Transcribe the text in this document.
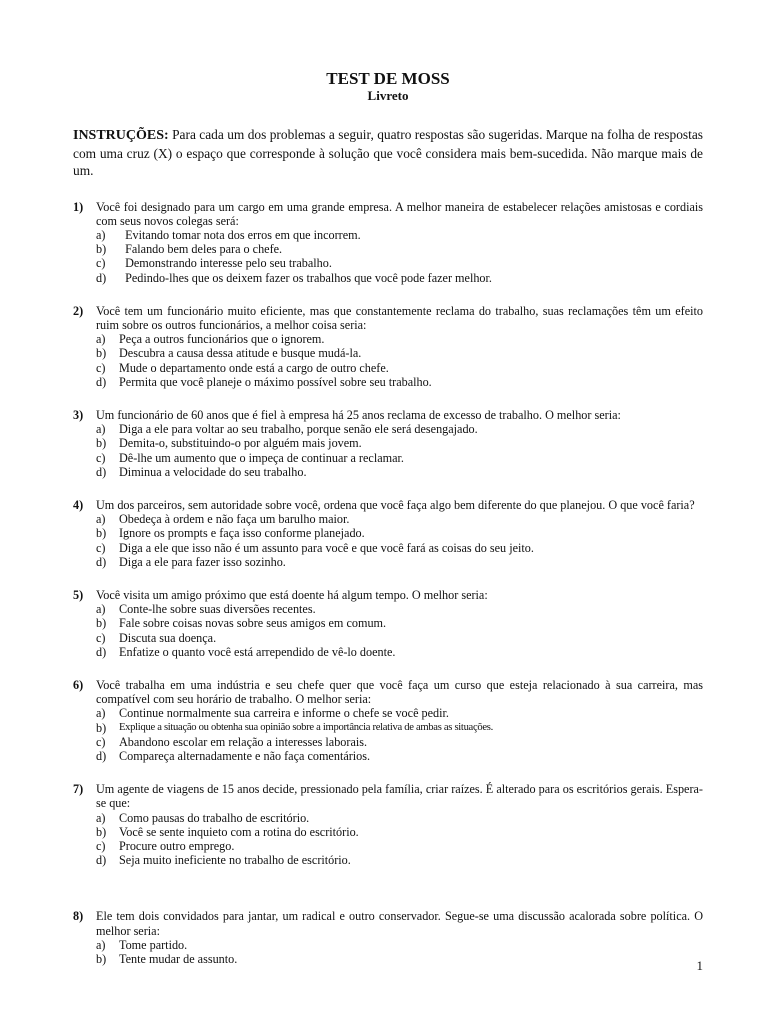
TEST DE MOSS
Livreto

INSTRUÇÕES: Para cada um dos problemas a seguir, quatro respostas são sugeridas. Marque na folha de respostas com uma cruz (X) o espaço que corresponde à solução que você considera mais bem-sucedida. Não marque mais de um.

1) Você foi designado para um cargo em uma grande empresa. A melhor maneira de estabelecer relações amistosas e cordiais com seus novos colegas será:
a)	Evitando tomar nota dos erros em que incorrem.
b)	Falando bem deles para o chefe.
c)	Demonstrando interesse pelo seu trabalho.
d)	Pedindo-lhes que os deixem fazer os trabalhos que você pode fazer melhor.
2) Você tem um funcionário muito eficiente, mas que constantemente reclama do trabalho, suas reclamações têm um efeito ruim sobre os outros funcionários, a melhor coisa seria:
a)	Peça a outros funcionários que o ignorem.
b)	Descubra a causa dessa atitude e busque mudá-la.
c)	Mude o departamento onde está a cargo de outro chefe.
d)	Permita que você planeje o máximo possível sobre seu trabalho.
3) Um funcionário de 60 anos que é fiel à empresa há 25 anos reclama de excesso de trabalho. O melhor seria:
a)	Diga a ele para voltar ao seu trabalho, porque senão ele será desengajado.
b)	Demita-o, substituindo-o por alguém mais jovem.
c)	Dê-lhe um aumento que o impeça de continuar a reclamar.
d)	Diminua a velocidade do seu trabalho.
4) Um dos parceiros, sem autoridade sobre você, ordena que você faça algo bem diferente do que planejou. O que você faria?
a)	Obedeça à ordem e não faça um barulho maior.
b)	Ignore os prompts e faça isso conforme planejado.
c)	Diga a ele que isso não é um assunto para você e que você fará as coisas do seu jeito.
d)	Diga a ele para fazer isso sozinho.
5) Você visita um amigo próximo que está doente há algum tempo. O melhor seria:
a)	Conte-lhe sobre suas diversões recentes.
b)	Fale sobre coisas novas sobre seus amigos em comum.
c)	Discuta sua doença.
d)	Enfatize o quanto você está arrependido de vê-lo doente.
6) Você trabalha em uma indústria e seu chefe quer que você faça um curso que esteja relacionado à sua carreira, mas compatível com seu horário de trabalho. O melhor seria:
a)	Continue normalmente sua carreira e informe o chefe se você pedir.
b)	Explique a situação ou obtenha sua opinião sobre a importância relativa de ambas as situações.
c)	Abandono escolar em relação a interesses laborais.
d)	Compareça alternadamente e não faça comentários.
7) Um agente de viagens de 15 anos decide, pressionado pela família, criar raízes. É alterado para os escritórios gerais. Espera-se que:
a)	Como pausas do trabalho de escritório.
b)	Você se sente inquieto com a rotina do escritório.
c)	Procure outro emprego.
d)	Seja muito ineficiente no trabalho de escritório.
8) Ele tem dois convidados para jantar, um radical e outro conservador. Segue-se uma discussão acalorada sobre política. O melhor seria:
a)	Tome partido.
b)	Tente mudar de assunto.	1
